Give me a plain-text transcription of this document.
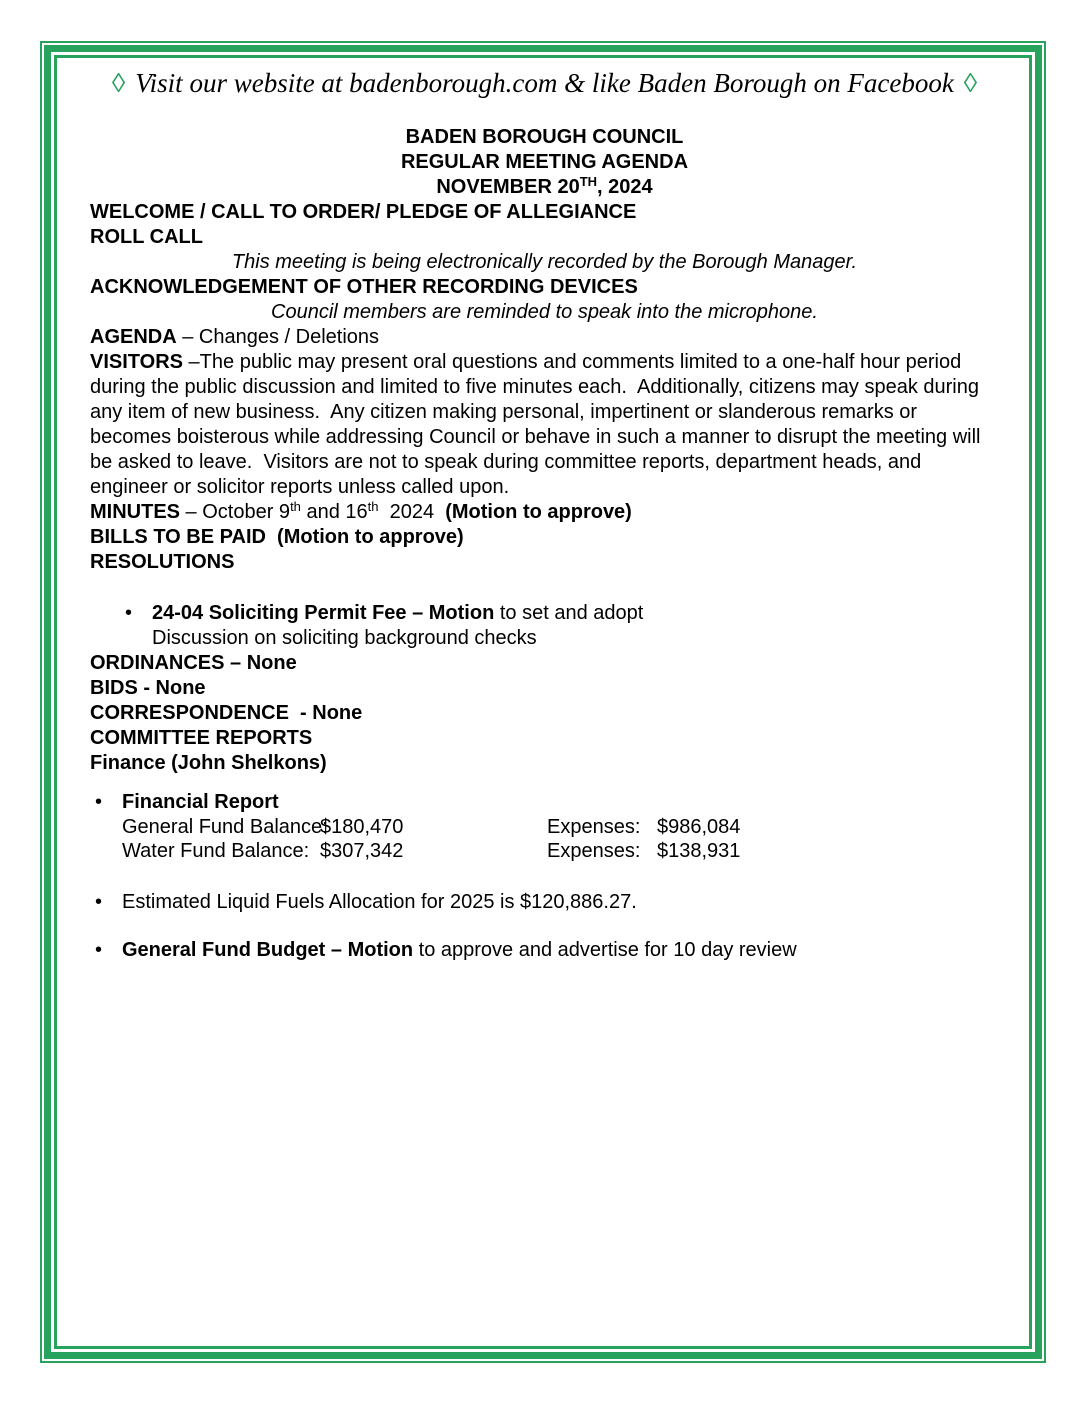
◊ Visit our website at badenborough.com & like Baden Borough on Facebook ◊

BADEN BOROUGH COUNCIL

REGULAR MEETING AGENDA

NOVEMBER 20TH, 2024

WELCOME / CALL TO ORDER/ PLEDGE OF ALLEGIANCE

ROLL CALL

This meeting is being electronically recorded by the Borough Manager.

ACKNOWLEDGEMENT OF OTHER RECORDING DEVICES

Council members are reminded to speak into the microphone.

AGENDA – Changes / Deletions

VISITORS –The public may present oral questions and comments limited to a one-half hour period during the public discussion and limited to five minutes each.  Additionally, citizens may speak during any item of new business.  Any citizen making personal, impertinent or slanderous remarks or becomes boisterous while addressing Council or behave in such a manner to disrupt the meeting will be asked to leave.  Visitors are not to speak during committee reports, department heads, and engineer or solicitor reports unless called upon.

MINUTES – October 9th and 16th  2024  (Motion to approve)

BILLS TO BE PAID  (Motion to approve)

RESOLUTIONS

• 24-04 Soliciting Permit Fee – Motion to set and adopt
Discussion on soliciting background checks

ORDINANCES – None

BIDS - None

CORRESPONDENCE  - None

COMMITTEE REPORTS

Finance (John Shelkons)

• Financial Report

General Fund Balance:$180,470	Expenses: $986,084
Water Fund Balance: $307,342	Expenses: $138,931
• Estimated Liquid Fuels Allocation for 2025 is $120,886.27.

• General Fund Budget – Motion to approve and advertise for 10 day review
